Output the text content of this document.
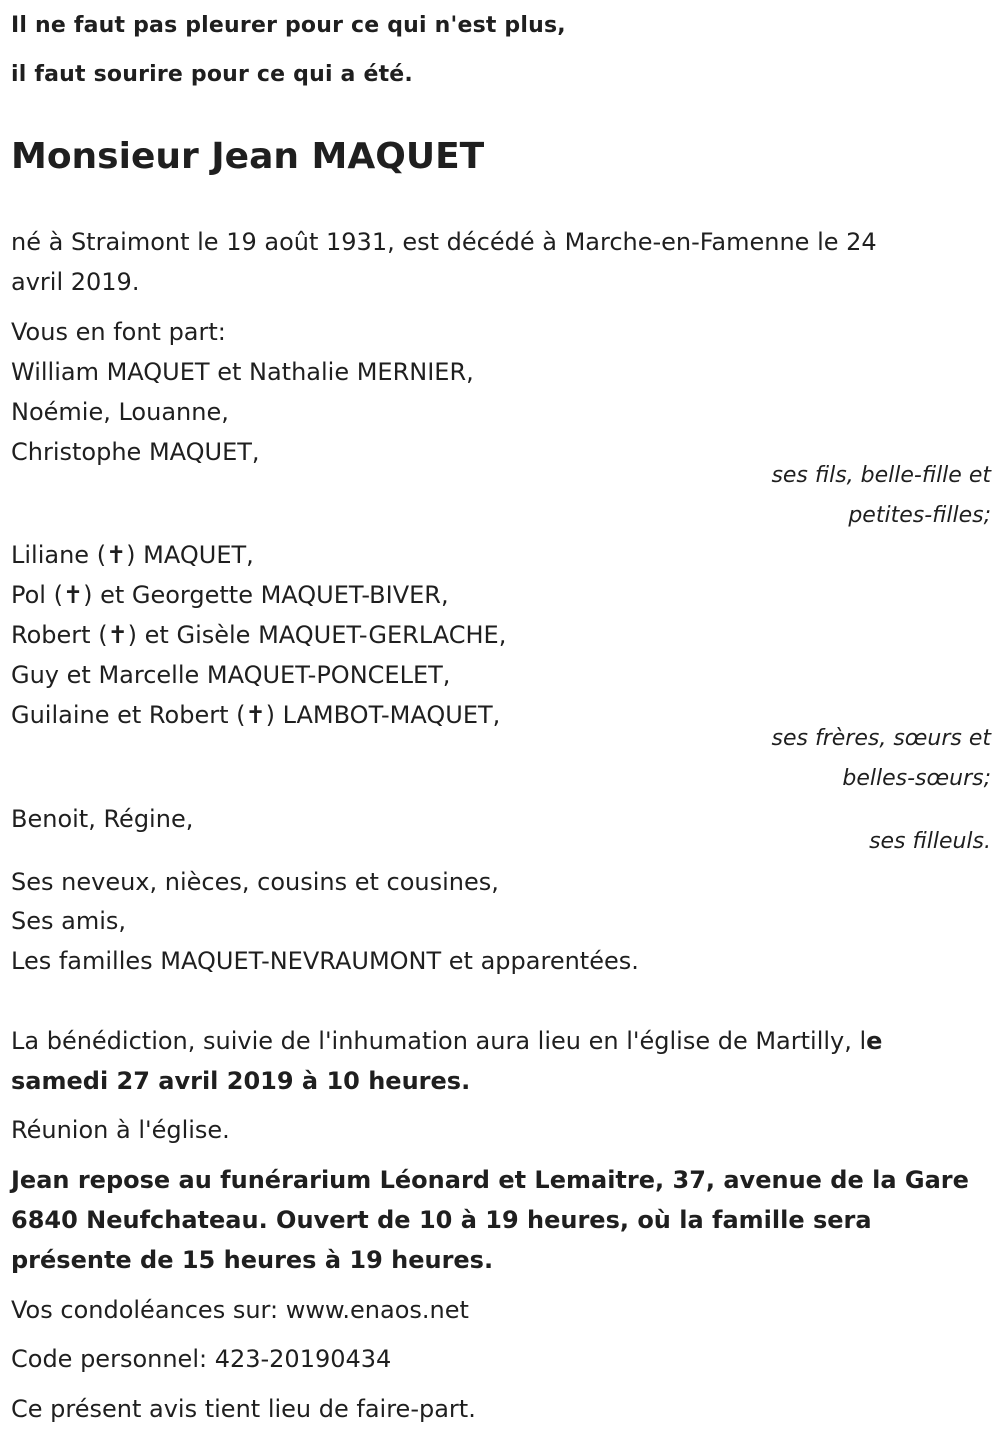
Il ne faut pas pleurer pour ce qui n'est plus,
il faut sourire pour ce qui a été.
Monsieur Jean MAQUET
né à Straimont le 19 août 1931, est décédé à Marche-en-Famenne le 24
avril 2019.
Vous en font part:
William MAQUET et Nathalie MERNIER,
Noémie, Louanne,
Christophe MAQUET,
ses fils, belle-fille et
petites-filles;
Liliane (✝) MAQUET,
Pol (✝) et Georgette MAQUET-BIVER,
Robert (✝) et Gisèle MAQUET-GERLACHE,
Guy et Marcelle MAQUET-PONCELET,
Guilaine et Robert (✝) LAMBOT-MAQUET,
ses frères, sœurs et
belles-sœurs;
Benoit, Régine,
ses filleuls.
Ses neveux, nièces, cousins et cousines,
Ses amis,
Les familles MAQUET-NEVRAUMONT et apparentées.
La bénédiction, suivie de l'inhumation aura lieu en l'église de Martilly, le
samedi 27 avril 2019 à 10 heures.
Réunion à l'église.
Jean repose au funérarium Léonard et Lemaitre, 37, avenue de la Gare
6840 Neufchateau. Ouvert de 10 à 19 heures, où la famille sera
présente de 15 heures à 19 heures.
Vos condoléances sur: www.enaos.net
Code personnel: 423-20190434
Ce présent avis tient lieu de faire-part.
